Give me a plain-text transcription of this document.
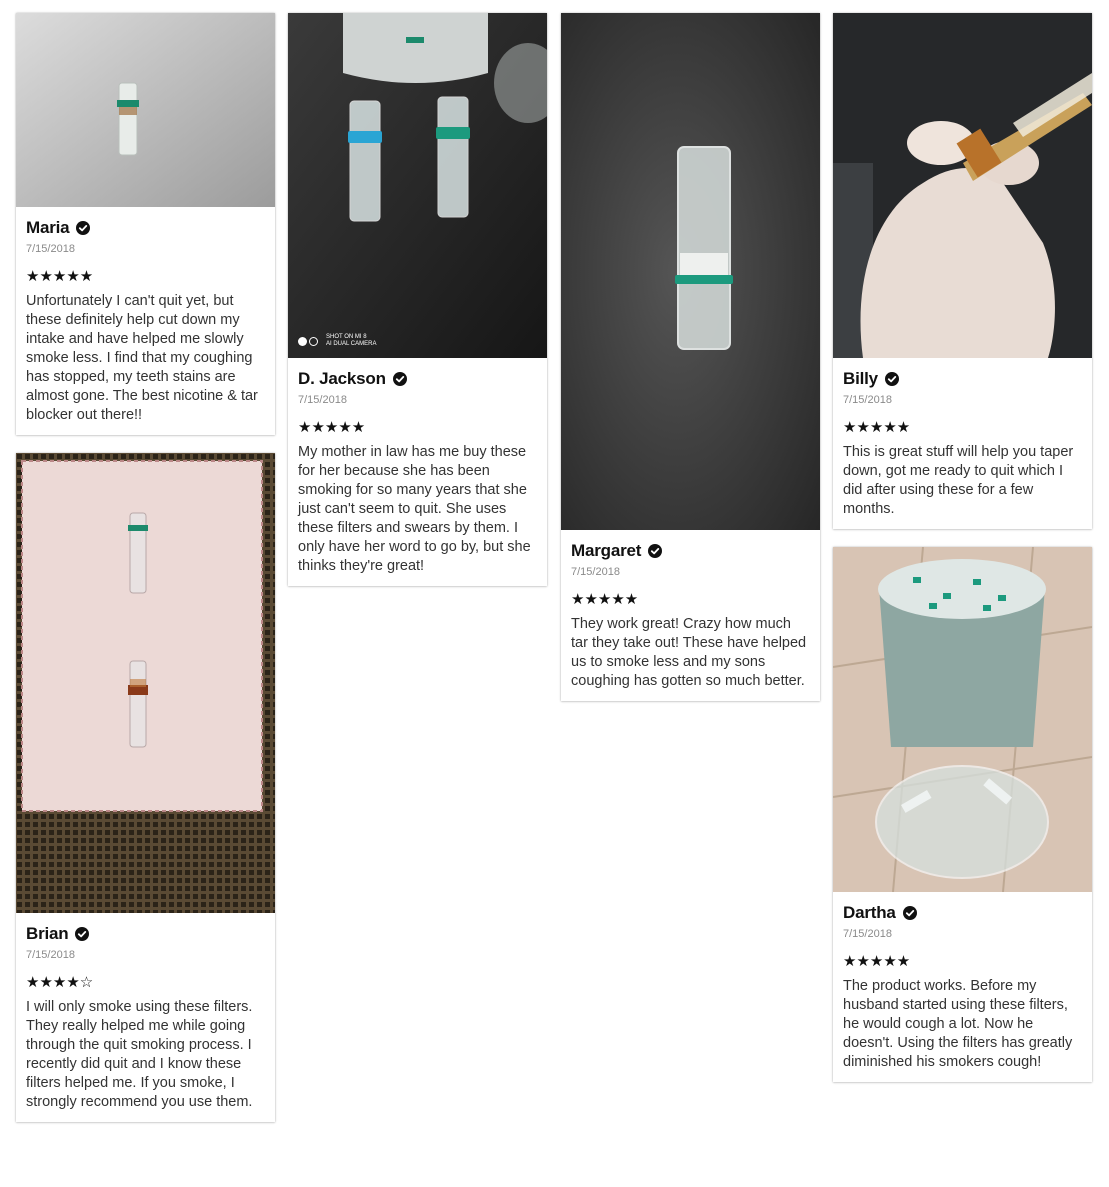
Maria
7/15/2018
★★★★★
Unfortunately I can't quit yet, but these definitely help cut down my intake and have helped me slowly smoke less. I find that my coughing has stopped, my teeth stains are almost gone. The best nicotine & tar blocker out there!!
Brian
7/15/2018
★★★★☆
I will only smoke using these filters. They really helped me while going through the quit smoking process. I recently did quit and I know these filters helped me. If you smoke, I strongly recommend you use them.
SHOT ON MI 8
AI DUAL CAMERA
D. Jackson
7/15/2018
★★★★★
My mother in law has me buy these for her because she has been smoking for so many years that she just can't seem to quit. She uses these filters and swears by them. I only have her word to go by, but she thinks they're great!
Margaret
7/15/2018
★★★★★
They work great! Crazy how much tar they take out! These have helped us to smoke less and my sons coughing has gotten so much better.
Billy
7/15/2018
★★★★★
This is great stuff will help you taper down, got me ready to quit which I did after using these for a few months.
Dartha
7/15/2018
★★★★★
The product works. Before my husband started using these filters, he would cough a lot. Now he doesn't. Using the filters has greatly diminished his smokers cough!
